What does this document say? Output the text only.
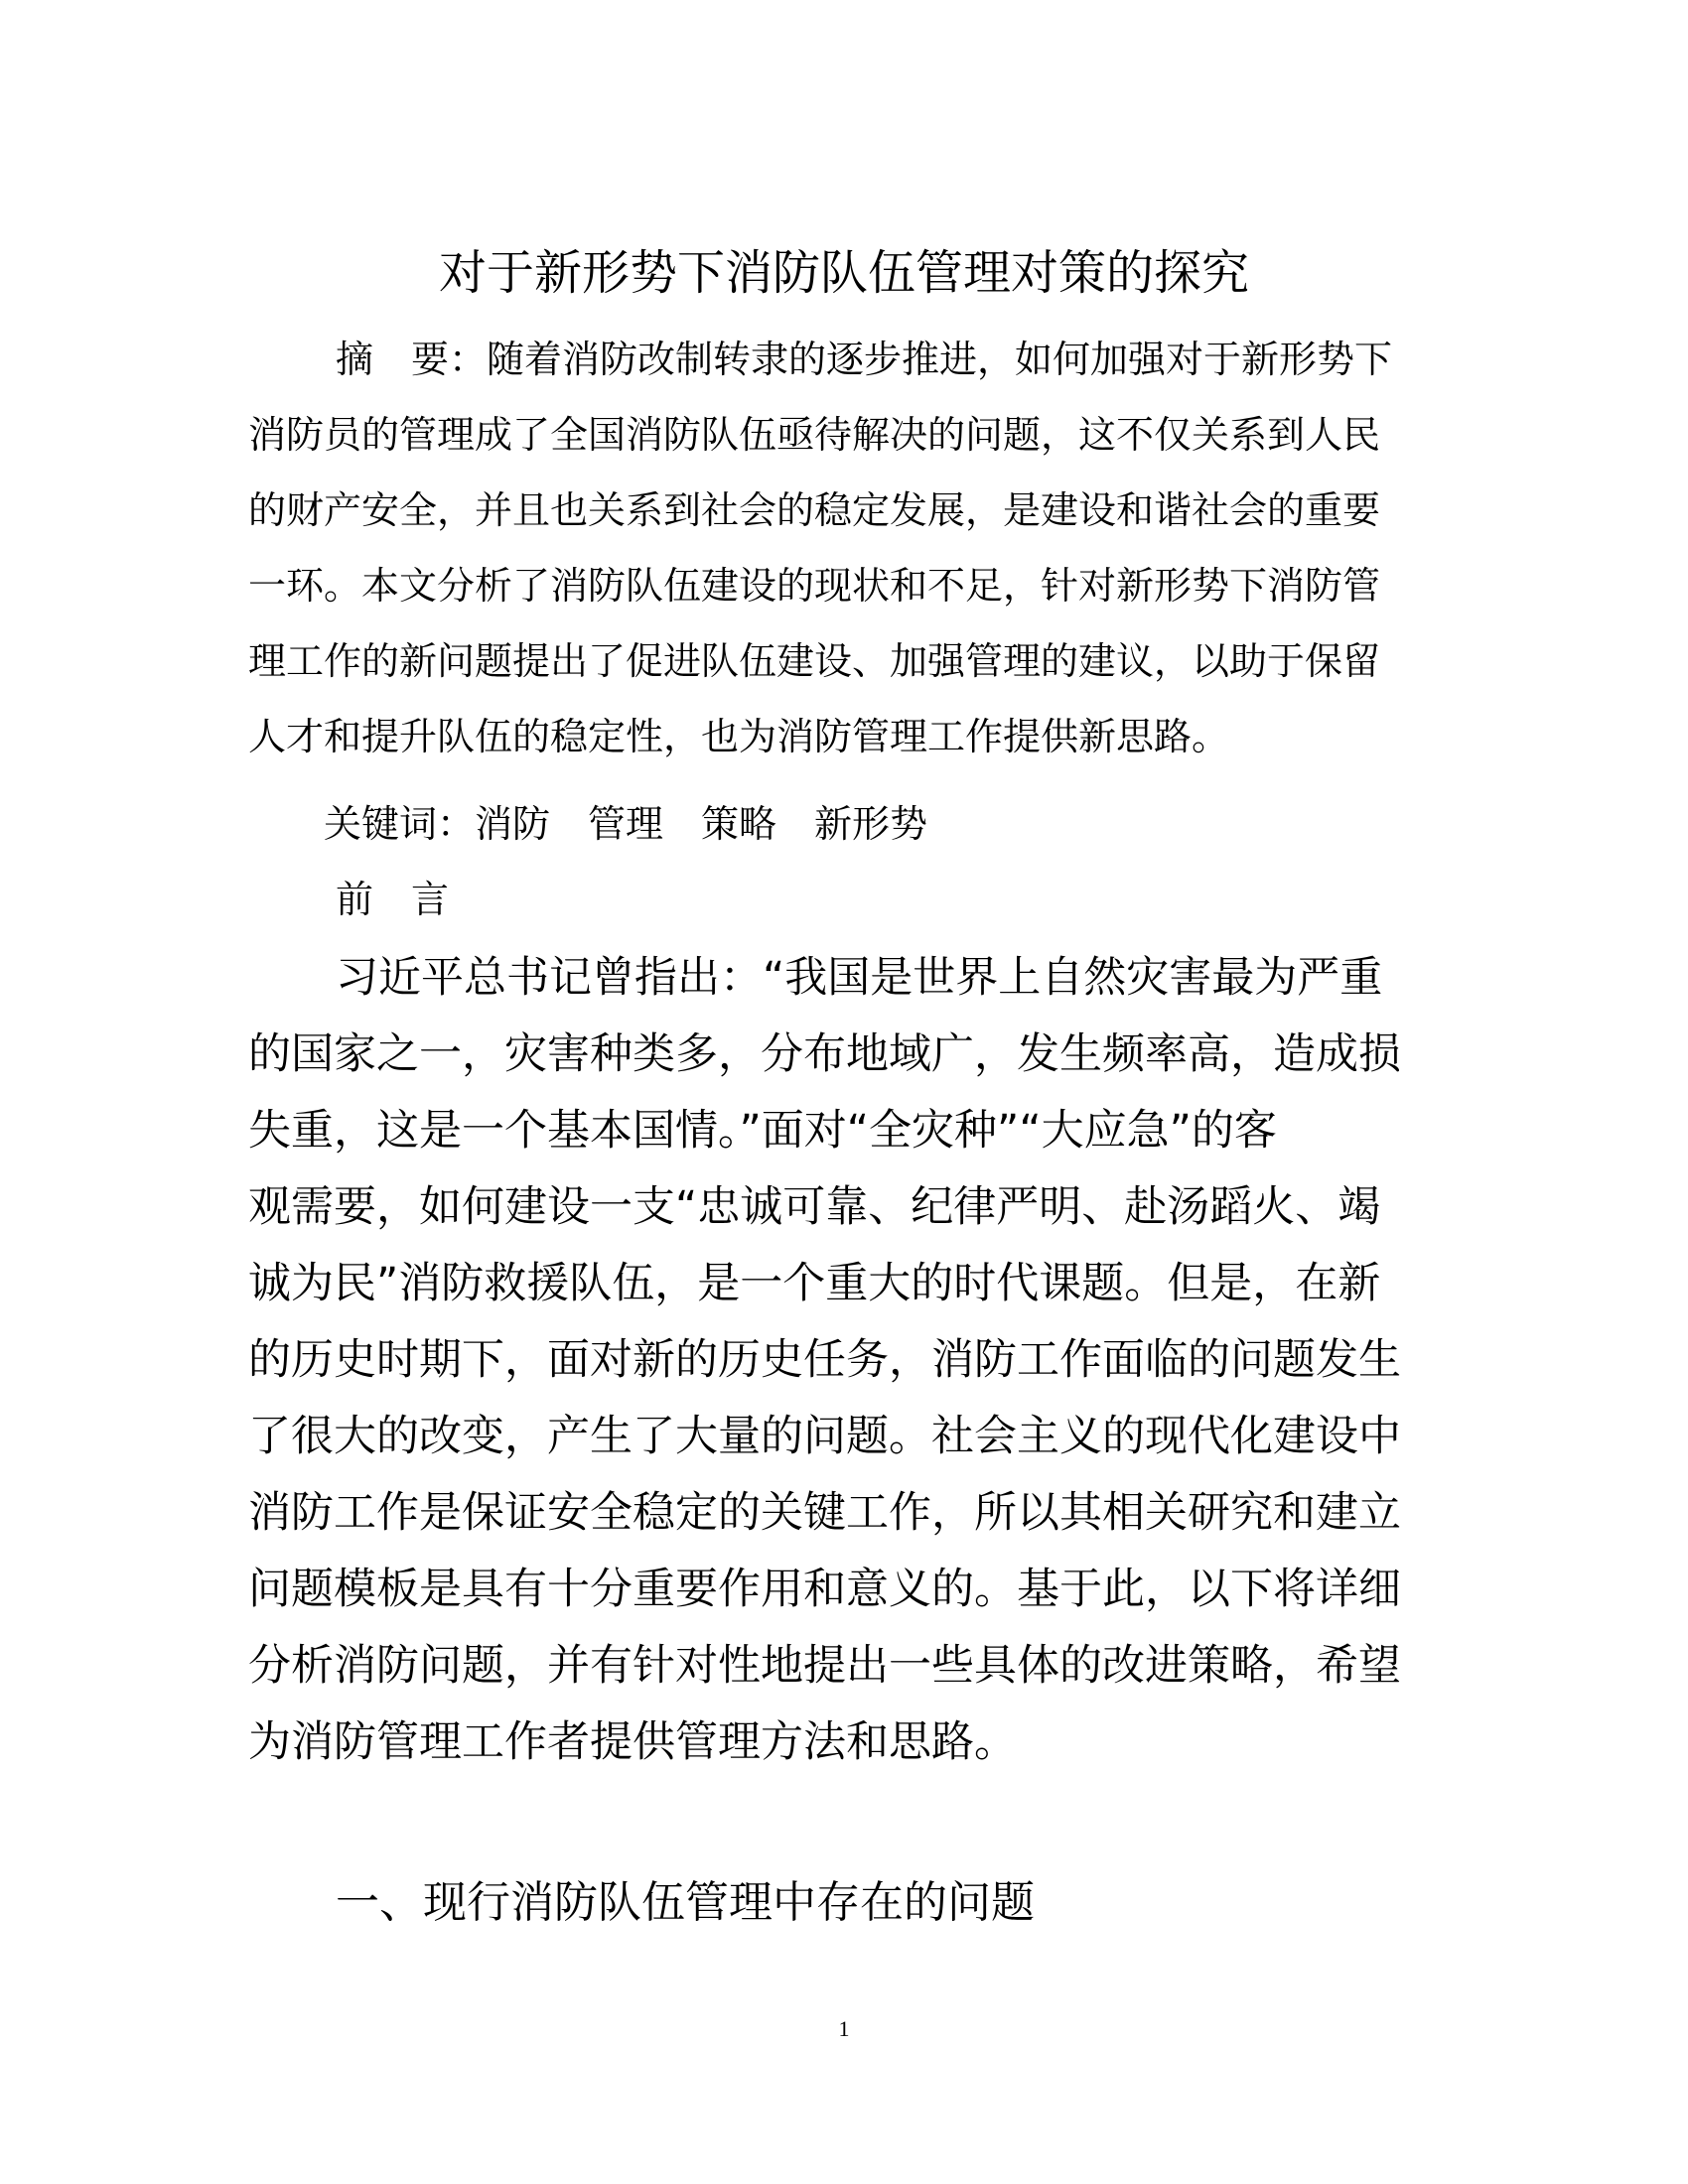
对于新形势下消防队伍管理对策的探究
摘　要：随着消防改制转隶的逐步推进，如何加强对于新形势下
消防员的管理成了全国消防队伍亟待解决的问题，这不仅关系到人民
的财产安全，并且也关系到社会的稳定发展，是建设和谐社会的重要
一环。本文分析了消防队伍建设的现状和不足，针对新形势下消防管
理工作的新问题提出了促进队伍建设、加强管理的建议，以助于保留
人才和提升队伍的稳定性，也为消防管理工作提供新思路。
关键词：消防　管理　策略　新形势
前　言
习近平总书记曾指出：“我国是世界上自然灾害最为严重
的国家之一，灾害种类多，分布地域广，发生频率高，造成损
失重，这是一个基本国情。”面对“全灾种”“大应急”的客
观需要，如何建设一支“忠诚可靠、纪律严明、赴汤蹈火、竭
诚为民”消防救援队伍，是一个重大的时代课题。但是，在新
的历史时期下，面对新的历史任务，消防工作面临的问题发生
了很大的改变，产生了大量的问题。社会主义的现代化建设中
消防工作是保证安全稳定的关键工作，所以其相关研究和建立
问题模板是具有十分重要作用和意义的。基于此，以下将详细
分析消防问题，并有针对性地提出一些具体的改进策略，希望
为消防管理工作者提供管理方法和思路。
一、现行消防队伍管理中存在的问题
1
